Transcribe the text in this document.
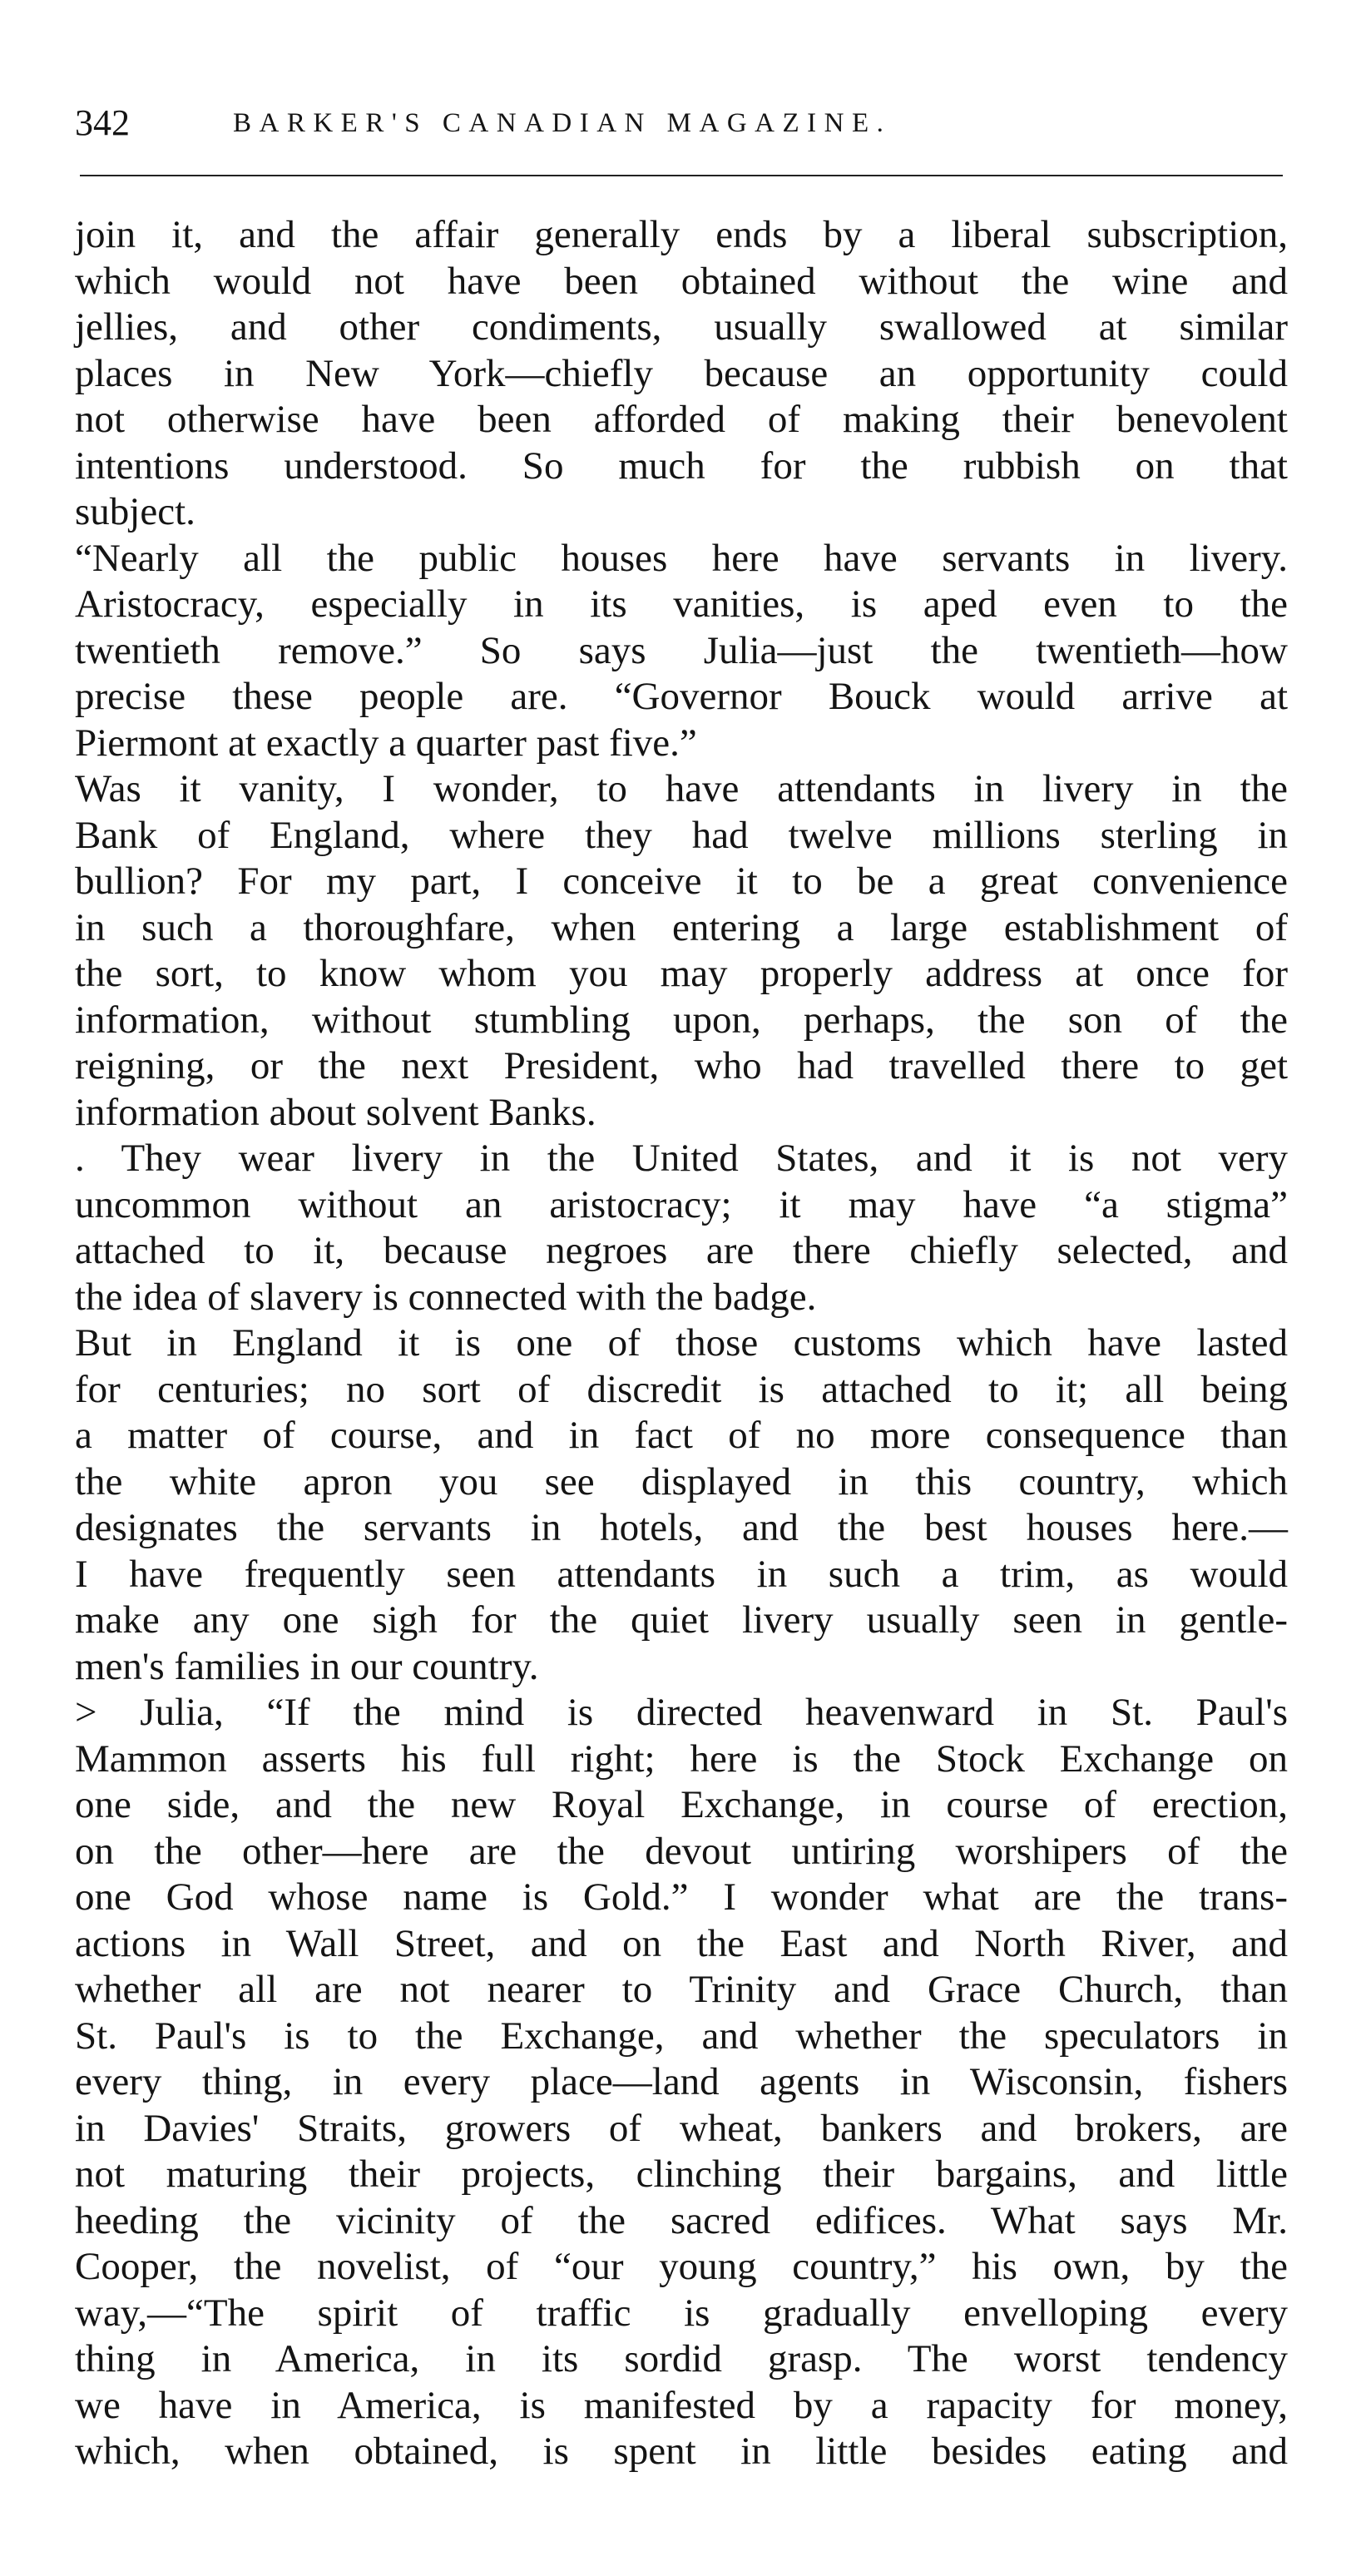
342	BARKER'S CANADIAN MAGAZINE.
join it, and the affair generally ends by a liberal subscription,
which would not have been obtained without the wine and
jellies, and other condiments, usually swallowed at similar
places in New York—chiefly because an opportunity could
not otherwise have been afforded of making their benevolent
intentions understood. So much for the rubbish on that
subject.
“Nearly all the public houses here have servants in livery.
Aristocracy, especially in its vanities, is aped even to the
twentieth remove.” So says Julia—just the twentieth—how
precise these people are. “Governor Bouck would arrive at
Piermont at exactly a quarter past five.”
Was it vanity, I wonder, to have attendants in livery in the
Bank of England, where they had twelve millions sterling in
bullion? For my part, I conceive it to be a great convenience
in such a thoroughfare, when entering a large establishment of
the sort, to know whom you may properly address at once for
information, without stumbling upon, perhaps, the son of the
reigning, or the next President, who had travelled there to get
information about solvent Banks.
. They wear livery in the United States, and it is not very
uncommon without an aristocracy; it may have “a stigma”
attached to it, because negroes are there chiefly selected, and
the idea of slavery is connected with the badge.
But in England it is one of those customs which have lasted
for centuries; no sort of discredit is attached to it; all being
a matter of course, and in fact of no more consequence than
the white apron you see displayed in this country, which
designates the servants in hotels, and the best houses here.—
I have frequently seen attendants in such a trim, as would
make any one sigh for the quiet livery usually seen in gentle-
men's families in our country.
> Julia, “If the mind is directed heavenward in St. Paul's
Mammon asserts his full right; here is the Stock Exchange on
one side, and the new Royal Exchange, in course of erection,
on the other—here are the devout untiring worshipers of the
one God whose name is Gold.” I wonder what are the trans-
actions in Wall Street, and on the East and North River, and
whether all are not nearer to Trinity and Grace Church, than
St. Paul's is to the Exchange, and whether the speculators in
every thing, in every place—land agents in Wisconsin, fishers
in Davies' Straits, growers of wheat, bankers and brokers, are
not maturing their projects, clinching their bargains, and little
heeding the vicinity of the sacred edifices. What says Mr.
Cooper, the novelist, of “our young country,” his own, by the
way,—“The spirit of traffic is gradually envelloping every
thing in America, in its sordid grasp. The worst tendency
we have in America, is manifested by a rapacity for money,
which, when obtained, is spent in little besides eating and
